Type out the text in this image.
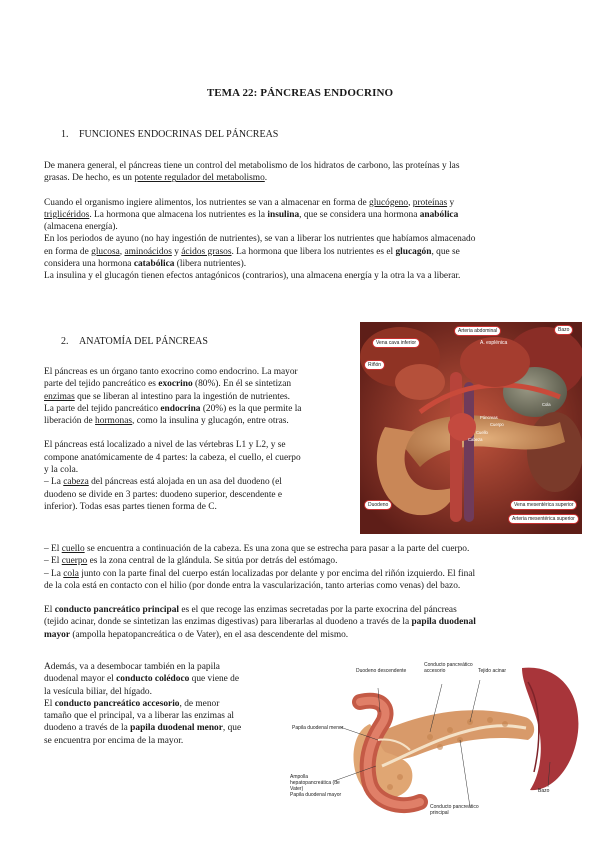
TEMA 22: PÁNCREAS ENDOCRINO
1. FUNCIONES ENDOCRINAS DEL PÁNCREAS

De manera general, el páncreas tiene un control del metabolismo de los hidratos de carbono, las proteínas y las

grasas. De hecho, es un potente regulador del metabolismo.

Cuando el organismo ingiere alimentos, los nutrientes se van a almacenar en forma de glucógeno, proteínas y

triglicéridos. La hormona que almacena los nutrientes es la insulina, que se considera una hormona anabólica

(almacena energía).

En los periodos de ayuno (no hay ingestión de nutrientes), se van a liberar los nutrientes que habíamos almacenado

en forma de glucosa, aminoácidos y ácidos grasos. La hormona que libera los nutrientes es el glucagón, que se

considera una hormona catabólica (libera nutrientes).

La insulina y el glucagón tienen efectos antagónicos (contrarios), una almacena energía y la otra la va a liberar.

2. ANATOMÍA DEL PÁNCREAS
Arteria abdominal
Vena cava inferior	A. esplénica
Riñón
Bazo
Cola
Cuerpo
Cuello
Cabeza
Páncreas
Duodeno	Vena mesentérica superior
Arteria mesentérica superior

El páncreas es un órgano tanto exocrino como endocrino. La mayor

parte del tejido pancreático es exocrino (80%). En él se sintetizan

enzimas que se liberan al intestino para la ingestión de nutrientes.

La parte del tejido pancreático endocrina (20%) es la que permite la

liberación de hormonas, como la insulina y glucagón, entre otras.

El páncreas está localizado a nivel de las vértebras L1 y L2, y se

compone anatómicamente de 4 partes: la cabeza, el cuello, el cuerpo

y la cola.

– La cabeza del páncreas está alojada en un asa del duodeno (el

duodeno se divide en 3 partes: duodeno superior, descendente e

inferior). Todas esas partes tienen forma de C.

– El cuello se encuentra a continuación de la cabeza. Es una zona que se estrecha para pasar a la parte del cuerpo.

– El cuerpo es la zona central de la glándula. Se sitúa por detrás del estómago.

– La cola junto con la parte final del cuerpo están localizadas por delante y por encima del riñón izquierdo. El final

de la cola está en contacto con el hilio (por donde entra la vascularización, tanto arterias como venas) del bazo.

El conducto pancreático principal es el que recoge las enzimas secretadas por la parte exocrina del páncreas

(tejido acinar, donde se sintetizan las enzimas digestivas) para liberarlas al duodeno a través de la papila duodenal

mayor (ampolla hepatopancreática o de Vater), en el asa descendente del mismo.

Además, va a desembocar también en la papila

duodenal mayor el conducto colédoco que viene de

la vesícula biliar, del hígado.

El conducto pancreático accesorio, de menor

tamaño que el principal, va a liberar las enzimas al

duodeno a través de la papila duodenal menor, que

se encuentra por encima de la mayor.

Duodeno descendente
Conducto pancreático accesorio	Tejido acinar
Papila duodenal menor
Ampolla hepatopancreática (de Vater)
Papila duodenal mayor
Conducto pancreático principal
Bazo
